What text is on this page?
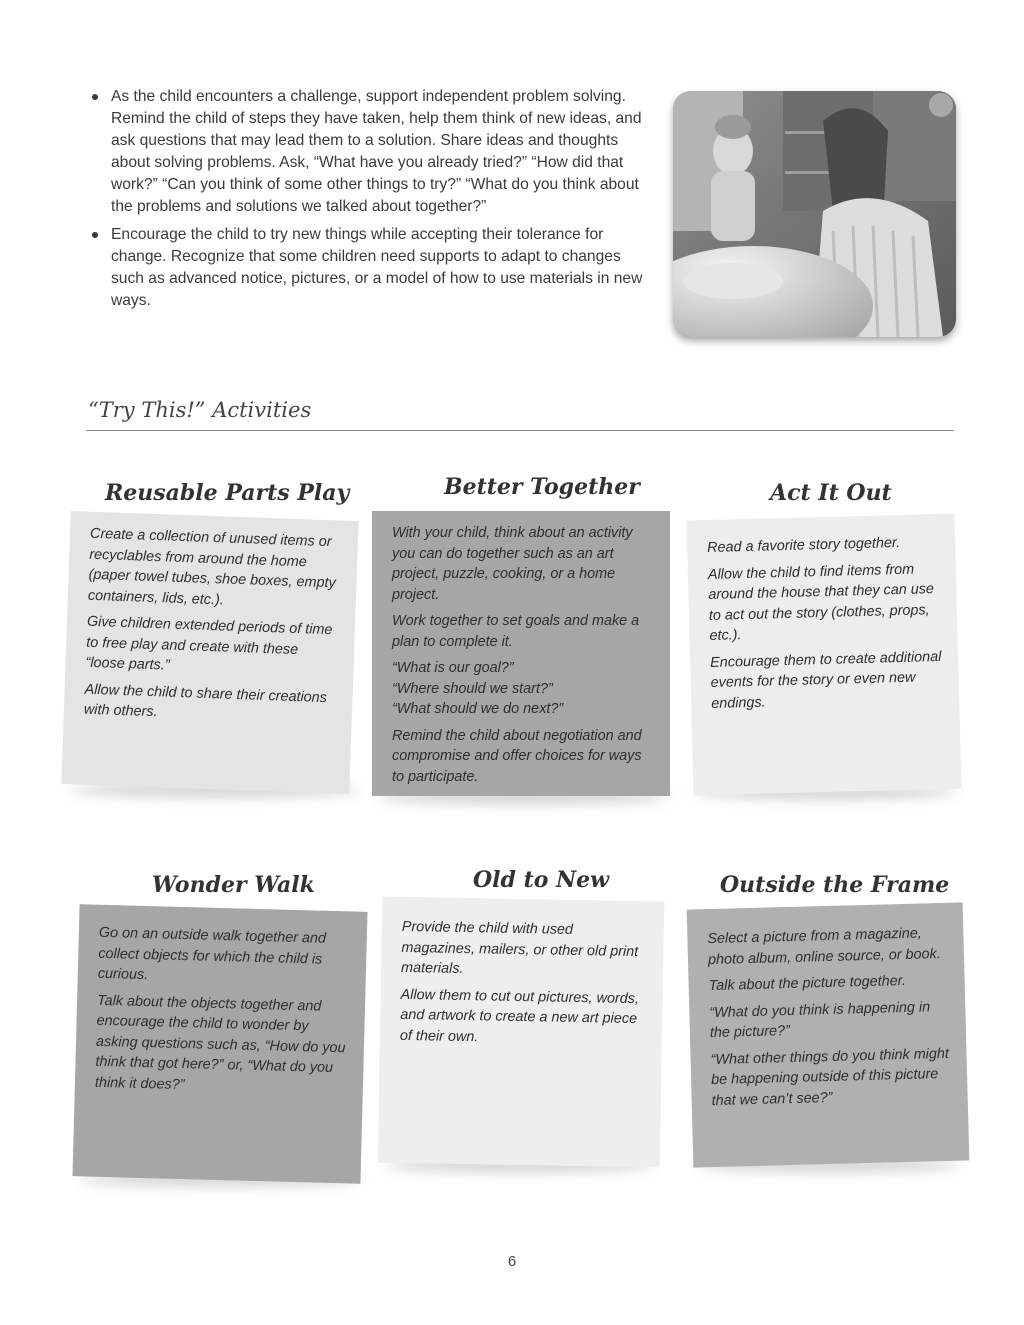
As the child encounters a challenge, support independent problem solving. Remind the child of steps they have taken, help them think of new ideas, and ask questions that may lead them to a solution. Share ideas and thoughts about solving problems. Ask, “What have you already tried?” “How did that work?” “Can you think of some other things to try?” “What do you think about the problems and solutions we talked about together?”
Encourage the child to try new things while accepting their tolerance for change. Recognize that some children need supports to adapt to changes such as advanced notice, pictures, or a model of how to use materials in new ways.
“Try This!” Activities
Reusable Parts Play

Create a collection of unused items or recyclables from around the home (paper towel tubes, shoe boxes, empty containers, lids, etc.).

Give children extended periods of time to free play and create with these “loose parts.”

Allow the child to share their creations with others.

Better Together

With your child, think about an activity you can do together such as an art project, puzzle, cooking, or a home project.

Work together to set goals and make a plan to complete it.

“What is our goal?”

“Where should we start?”

“What should we do next?”

Remind the child about negotiation and compromise and offer choices for ways to participate.

Act It Out

Read a favorite story together.

Allow the child to find items from around the house that they can use to act out the story (clothes, props, etc.).

Encourage them to create additional events for the story or even new endings.

Wonder Walk

Go on an outside walk together and collect objects for which the child is curious.

Talk about the objects together and encourage the child to wonder by asking questions such as, “How do you think that got here?” or, “What do you think it does?”

Old to New

Provide the child with used magazines, mailers, or other old print materials.

Allow them to cut out pictures, words, and artwork to create a new art piece of their own.

Outside the Frame

Select a picture from a magazine, photo album, online source, or book.

Talk about the picture together.

“What do you think is happening in the picture?”

“What other things do you think might be happening outside of this picture that we can’t see?”

6
